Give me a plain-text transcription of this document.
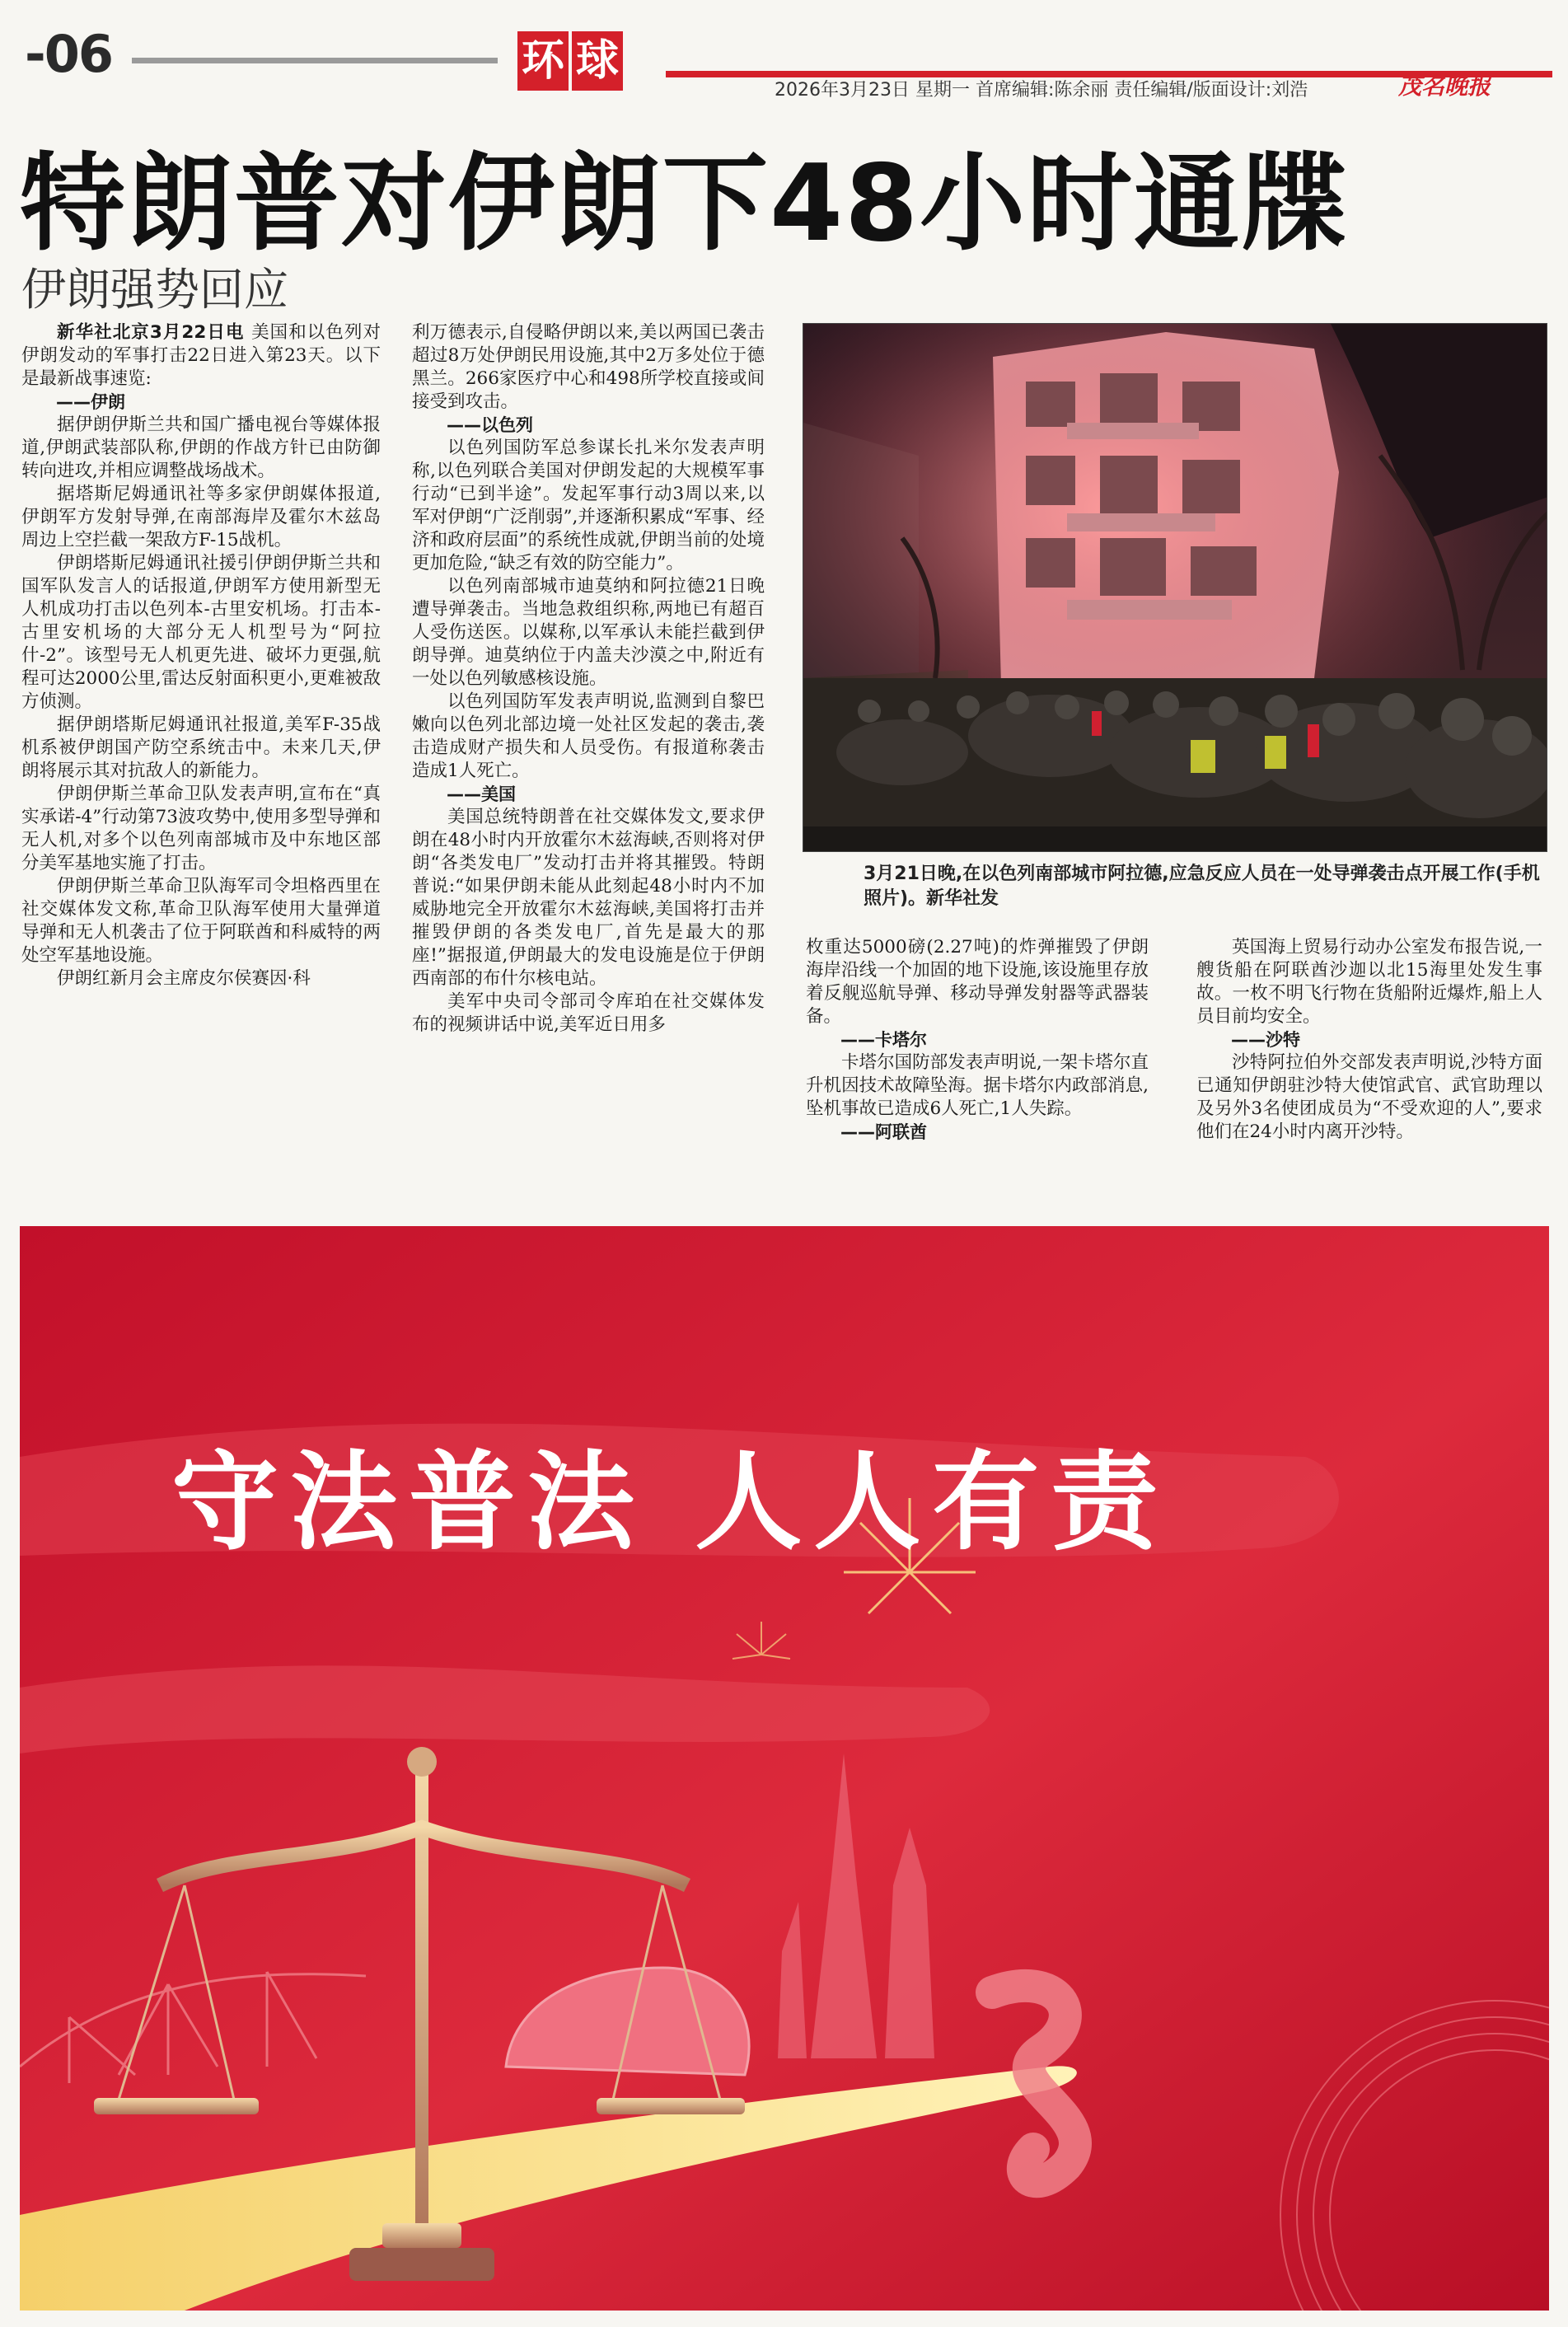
-06	环 球
2026年3月23日 星期一 首席编辑:陈余丽 责任编辑/版面设计:刘浩	茂名晚报
特朗普对伊朗下48小时通牒
伊朗强势回应

新华社北京3月22日电 美国和以色列对伊朗发动的军事打击22日进入第23天。以下是最新战事速览:

——伊朗

据伊朗伊斯兰共和国广播电视台等媒体报道,伊朗武装部队称,伊朗的作战方针已由防御转向进攻,并相应调整战场战术。

据塔斯尼姆通讯社等多家伊朗媒体报道,伊朗军方发射导弹,在南部海岸及霍尔木兹岛周边上空拦截一架敌方F-15战机。

伊朗塔斯尼姆通讯社援引伊朗伊斯兰共和国军队发言人的话报道,伊朗军方使用新型无人机成功打击以色列本-古里安机场。打击本-古里安机场的大部分无人机型号为“阿拉什-2”。该型号无人机更先进、破坏力更强,航程可达2000公里,雷达反射面积更小,更难被敌方侦测。

据伊朗塔斯尼姆通讯社报道,美军F-35战机系被伊朗国产防空系统击中。未来几天,伊朗将展示其对抗敌人的新能力。

伊朗伊斯兰革命卫队发表声明,宣布在“真实承诺-4”行动第73波攻势中,使用多型导弹和无人机,对多个以色列南部城市及中东地区部分美军基地实施了打击。

伊朗伊斯兰革命卫队海军司令坦格西里在社交媒体发文称,革命卫队海军使用大量弹道导弹和无人机袭击了位于阿联酋和科威特的两处空军基地设施。

伊朗红新月会主席皮尔侯赛因·科

利万德表示,自侵略伊朗以来,美以两国已袭击超过8万处伊朗民用设施,其中2万多处位于德黑兰。266家医疗中心和498所学校直接或间接受到攻击。

——以色列

以色列国防军总参谋长扎米尔发表声明称,以色列联合美国对伊朗发起的大规模军事行动“已到半途”。发起军事行动3周以来,以军对伊朗“广泛削弱”,并逐渐积累成“军事、经济和政府层面”的系统性成就,伊朗当前的处境更加危险,“缺乏有效的防空能力”。

以色列南部城市迪莫纳和阿拉德21日晚遭导弹袭击。当地急救组织称,两地已有超百人受伤送医。以媒称,以军承认未能拦截到伊朗导弹。迪莫纳位于内盖夫沙漠之中,附近有一处以色列敏感核设施。

以色列国防军发表声明说,监测到自黎巴嫩向以色列北部边境一处社区发起的袭击,袭击造成财产损失和人员受伤。有报道称袭击造成1人死亡。

——美国

美国总统特朗普在社交媒体发文,要求伊朗在48小时内开放霍尔木兹海峡,否则将对伊朗“各类发电厂”发动打击并将其摧毁。特朗普说:“如果伊朗未能从此刻起48小时内不加威胁地完全开放霍尔木兹海峡,美国将打击并摧毁伊朗的各类发电厂,首先是最大的那座!”据报道,伊朗最大的发电设施是位于伊朗西南部的布什尔核电站。

美军中央司令部司令库珀在社交媒体发布的视频讲话中说,美军近日用多

3月21日晚,在以色列南部城市阿拉德,应急反应人员在一处导弹袭击点开展工作(手机照片)。新华社发

枚重达5000磅(2.27吨)的炸弹摧毁了伊朗海岸沿线一个加固的地下设施,该设施里存放着反舰巡航导弹、移动导弹发射器等武器装备。

——卡塔尔

卡塔尔国防部发表声明说,一架卡塔尔直升机因技术故障坠海。据卡塔尔内政部消息,坠机事故已造成6人死亡,1人失踪。

——阿联酋

英国海上贸易行动办公室发布报告说,一艘货船在阿联酋沙迦以北15海里处发生事故。一枚不明飞行物在货船附近爆炸,船上人员目前均安全。

——沙特

沙特阿拉伯外交部发表声明说,沙特方面已通知伊朗驻沙特大使馆武官、武官助理以及另外3名使团成员为“不受欢迎的人”,要求他们在24小时内离开沙特。

守法普法 人人有责
